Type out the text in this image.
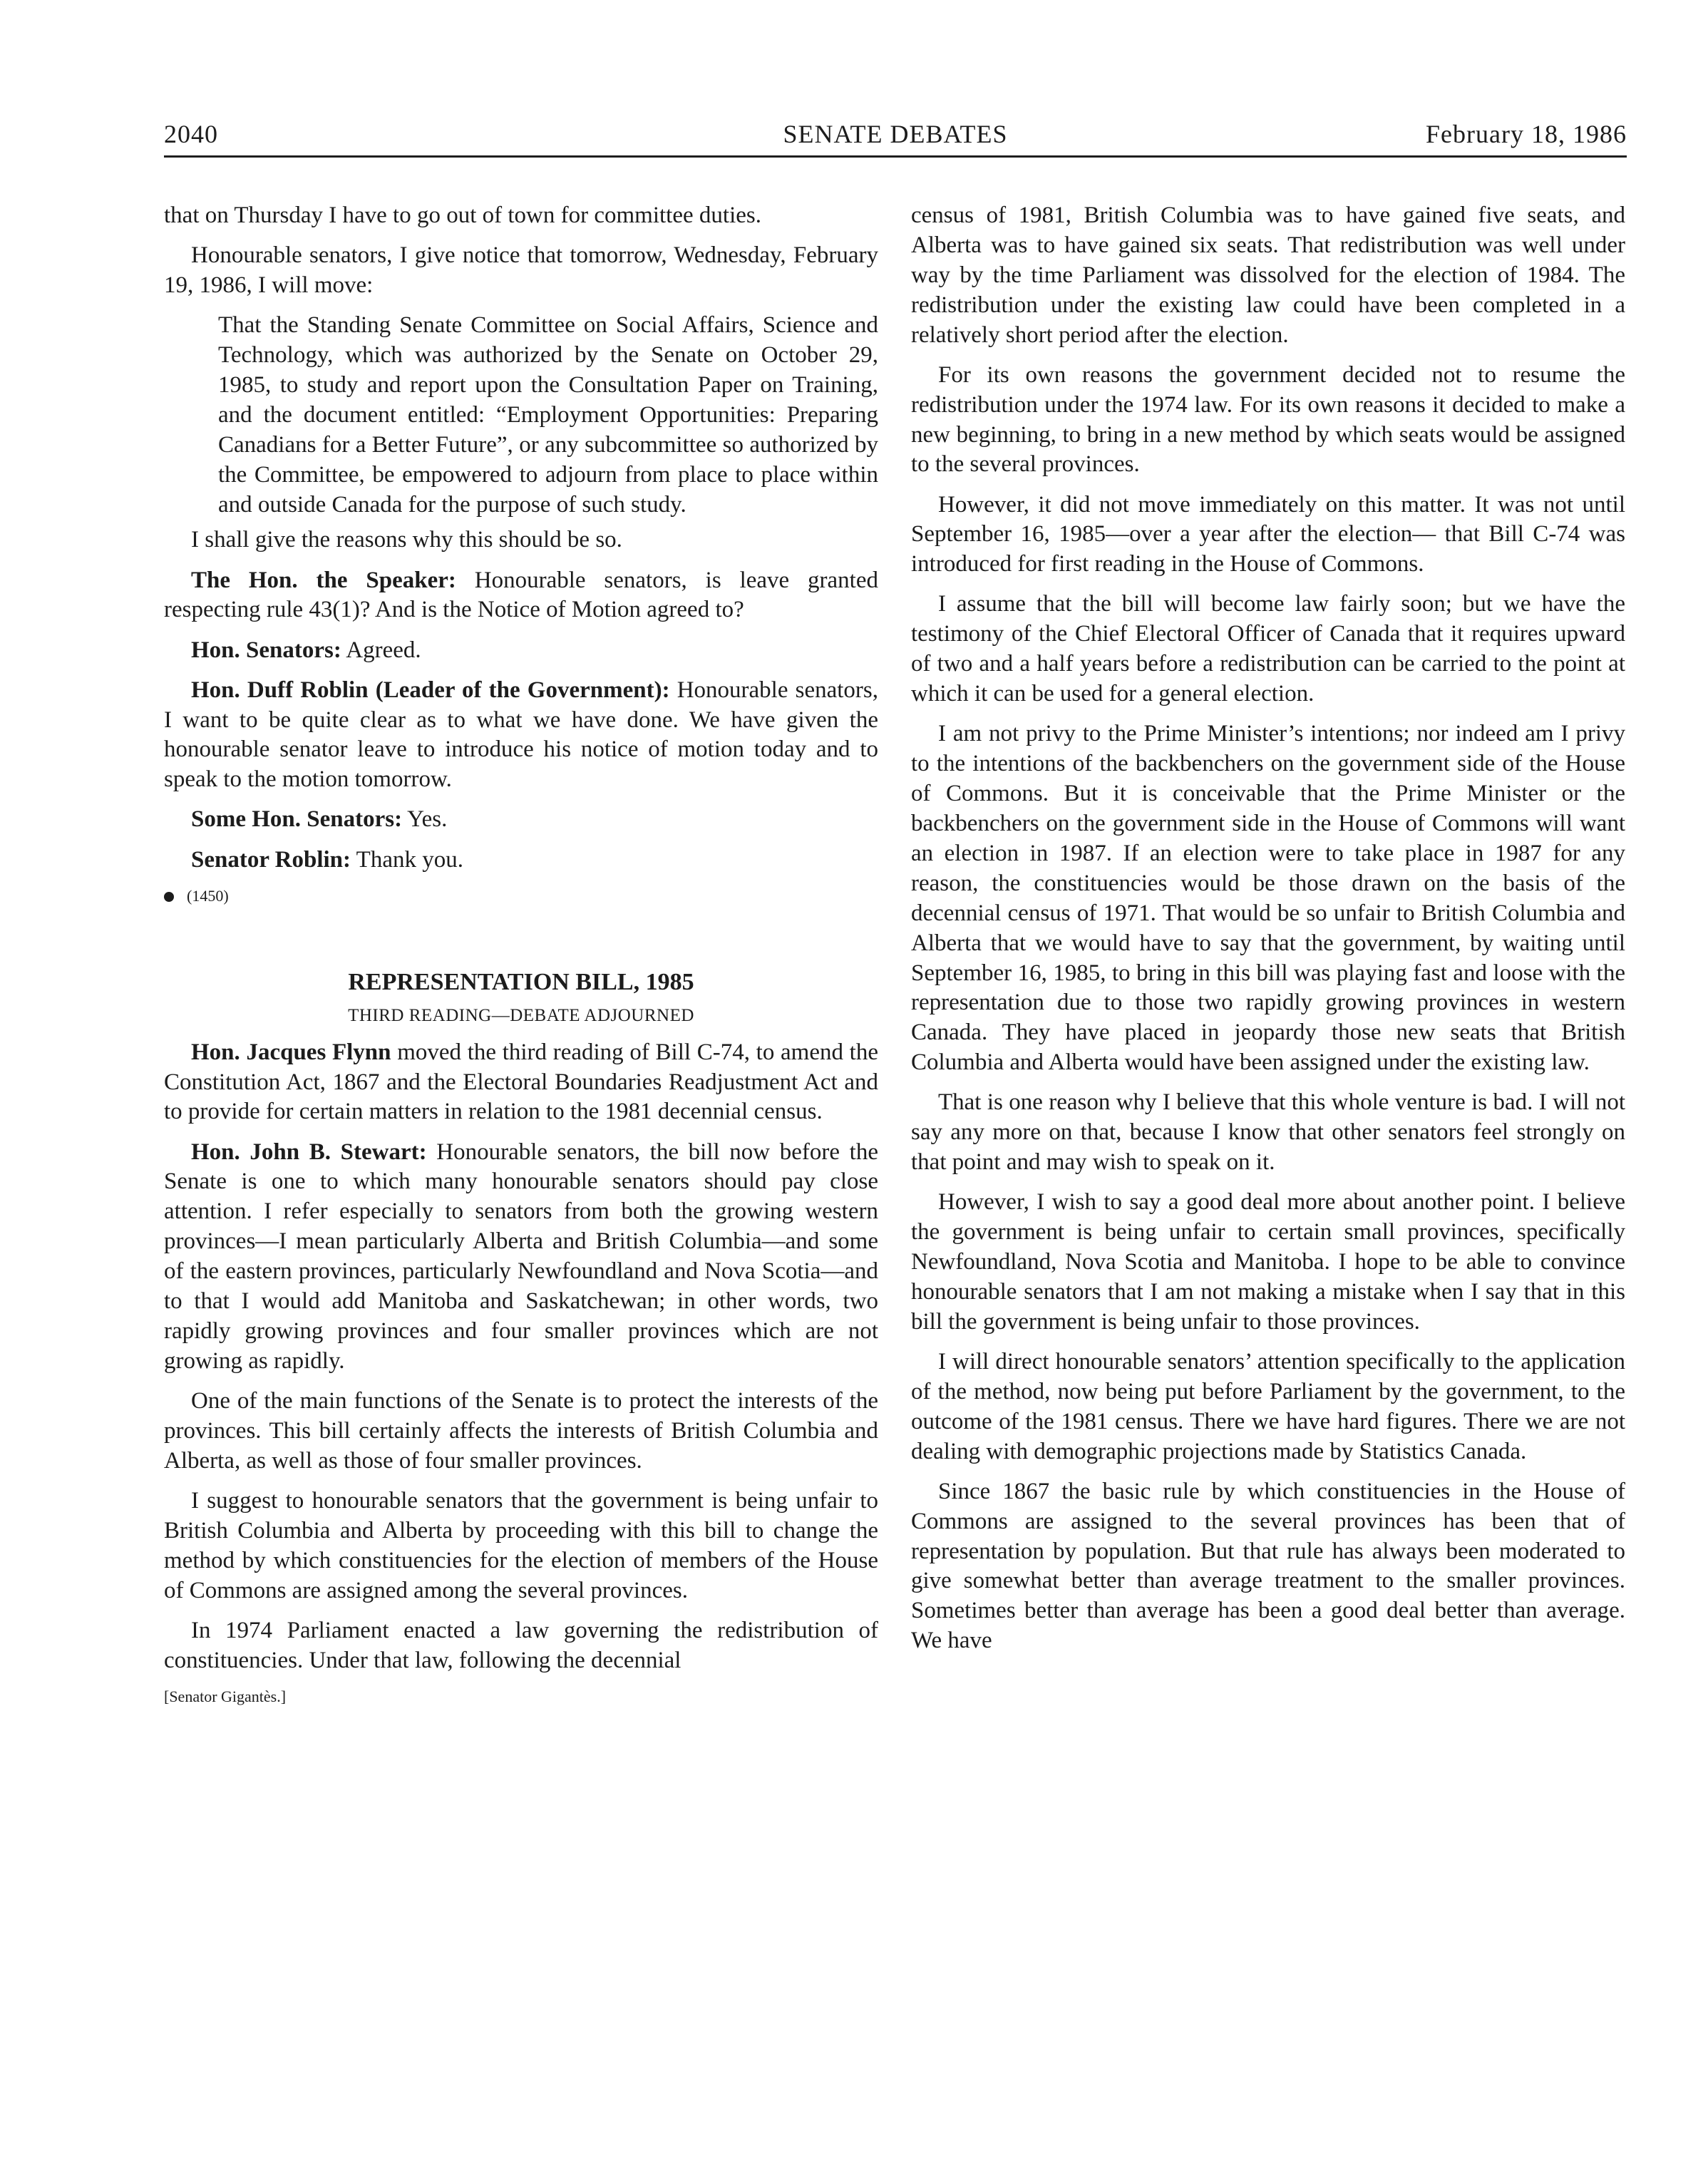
2040	SENATE DEBATES	February 18, 1986

that on Thursday I have to go out of town for committee duties.

Honourable senators, I give notice that tomorrow, Wednesday, February 19, 1986, I will move:

That the Standing Senate Committee on Social Affairs, Science and Technology, which was authorized by the Senate on October 29, 1985, to study and report upon the Consultation Paper on Training, and the document entitled: “Employment Opportunities: Preparing Canadians for a Better Future”, or any subcommittee so authorized by the Committee, be empowered to adjourn from place to place within and outside Canada for the purpose of such study.

I shall give the reasons why this should be so.

The Hon. the Speaker: Honourable senators, is leave granted respecting rule 43(1)? And is the Notice of Motion agreed to?

Hon. Senators: Agreed.

Hon. Duff Roblin (Leader of the Government): Honourable senators, I want to be quite clear as to what we have done. We have given the honourable senator leave to introduce his notice of motion today and to speak to the motion tomorrow.

Some Hon. Senators: Yes.

Senator Roblin: Thank you.

(1450)
REPRESENTATION BILL, 1985
THIRD READING—DEBATE ADJOURNED

Hon. Jacques Flynn moved the third reading of Bill C-74, to amend the Constitution Act, 1867 and the Electoral Boundaries Readjustment Act and to provide for certain matters in relation to the 1981 decennial census.

Hon. John B. Stewart: Honourable senators, the bill now before the Senate is one to which many honourable senators should pay close attention. I refer especially to senators from both the growing western provinces—I mean particularly Alberta and British Columbia—and some of the eastern provinces, particularly Newfoundland and Nova Scotia—and to that I would add Manitoba and Saskatchewan; in other words, two rapidly growing provinces and four smaller provinces which are not growing as rapidly.

One of the main functions of the Senate is to protect the interests of the provinces. This bill certainly affects the interests of British Columbia and Alberta, as well as those of four smaller provinces.

I suggest to honourable senators that the government is being unfair to British Columbia and Alberta by proceeding with this bill to change the method by which constituencies for the election of members of the House of Commons are assigned among the several provinces.

In 1974 Parliament enacted a law governing the redistribution of constituencies. Under that law, following the decennial

[Senator Gigantès.]

census of 1981, British Columbia was to have gained five seats, and Alberta was to have gained six seats. That redistribution was well under way by the time Parliament was dissolved for the election of 1984. The redistribution under the existing law could have been completed in a relatively short period after the election.

For its own reasons the government decided not to resume the redistribution under the 1974 law. For its own reasons it decided to make a new beginning, to bring in a new method by which seats would be assigned to the several provinces.

However, it did not move immediately on this matter. It was not until September 16, 1985—over a year after the election— that Bill C-74 was introduced for first reading in the House of Commons.

I assume that the bill will become law fairly soon; but we have the testimony of the Chief Electoral Officer of Canada that it requires upward of two and a half years before a redistribution can be carried to the point at which it can be used for a general election.

I am not privy to the Prime Minister’s intentions; nor indeed am I privy to the intentions of the backbenchers on the government side of the House of Commons. But it is conceivable that the Prime Minister or the backbenchers on the government side in the House of Commons will want an election in 1987. If an election were to take place in 1987 for any reason, the constituencies would be those drawn on the basis of the decennial census of 1971. That would be so unfair to British Columbia and Alberta that we would have to say that the government, by waiting until September 16, 1985, to bring in this bill was playing fast and loose with the representation due to those two rapidly growing provinces in western Canada. They have placed in jeopardy those new seats that British Columbia and Alberta would have been assigned under the existing law.

That is one reason why I believe that this whole venture is bad. I will not say any more on that, because I know that other senators feel strongly on that point and may wish to speak on it.

However, I wish to say a good deal more about another point. I believe the government is being unfair to certain small provinces, specifically Newfoundland, Nova Scotia and Manitoba. I hope to be able to convince honourable senators that I am not making a mistake when I say that in this bill the government is being unfair to those provinces.

I will direct honourable senators’ attention specifically to the application of the method, now being put before Parliament by the government, to the outcome of the 1981 census. There we have hard figures. There we are not dealing with demographic projections made by Statistics Canada.

Since 1867 the basic rule by which constituencies in the House of Commons are assigned to the several provinces has been that of representation by population. But that rule has always been moderated to give somewhat better than average treatment to the smaller provinces. Sometimes better than average has been a good deal better than average. We have
